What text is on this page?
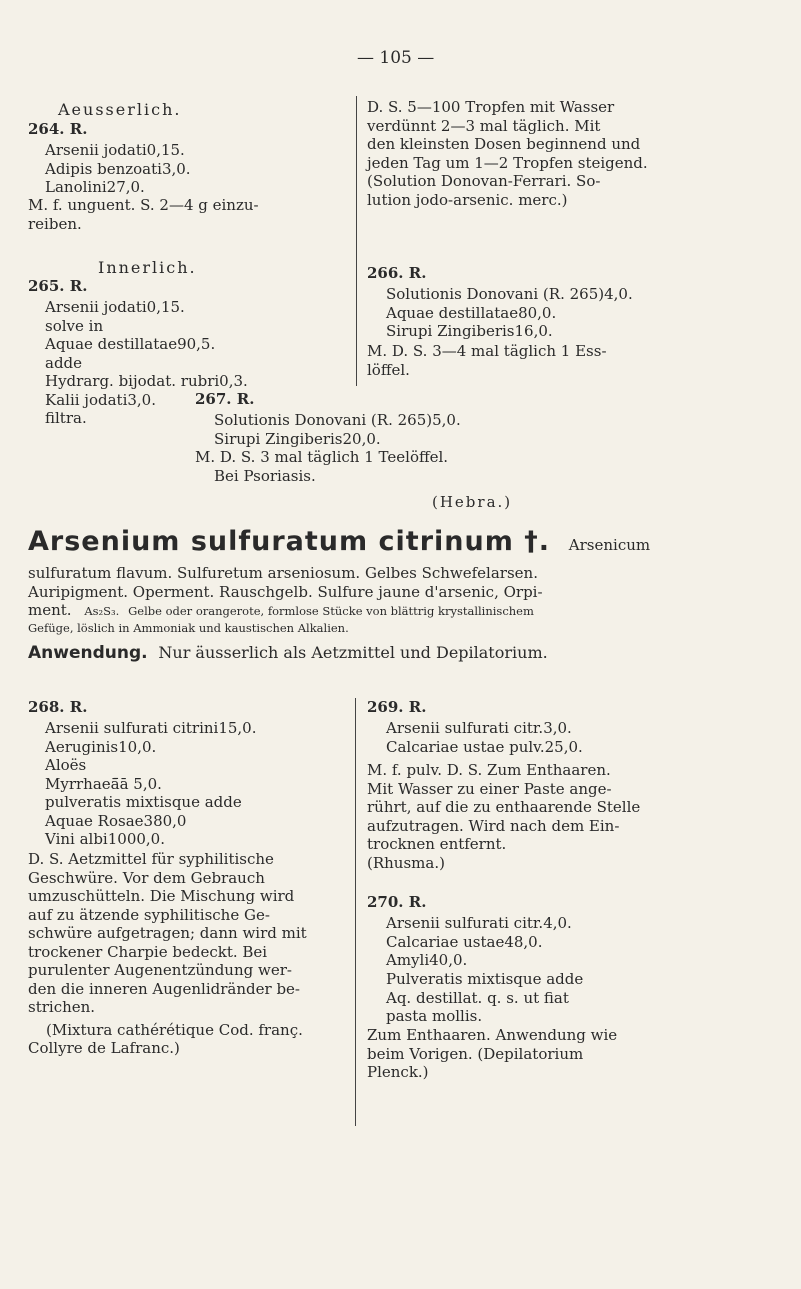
— 105 —
Aeusserlich.
264. R.
Arsenii jodati0,15.
Adipis benzoati3,0.
Lanolini27,0.
M. f. unguent. S. 2—4 g einzu-
reiben.
Innerlich.
265. R.
Arsenii jodati0,15.
solve in
Aquae destillatae90,5.
adde
Hydrarg. bijodat. rubri0,3.
Kalii jodati3,0.
filtra.
D. S. 5—100 Tropfen mit Wasser
verdünnt 2—3 mal täglich. Mit
den kleinsten Dosen beginnend und
jeden Tag um 1—2 Tropfen steigend.
(Solution Donovan-Ferrari. So-
lution jodo-arsenic. merc.)
266. R.
Solutionis Donovani (R. 265)4,0.
Aquae destillatae80,0.
Sirupi Zingiberis16,0.
M. D. S. 3—4 mal täglich 1 Ess-
löffel.
267. R.
Solutionis Donovani (R. 265)5,0.
Sirupi Zingiberis20,0.
M. D. S. 3 mal täglich 1 Teelöffel.
Bei Psoriasis.
(Hebra.)
Arsenium sulfuratum citrinum †. Arsenicum
sulfuratum flavum. Sulfuretum arseniosum. Gelbes Schwefelarsen.
Auripigment. Operment. Rauschgelb. Sulfure jaune d'arsenic, Orpi-
ment. As₂S₃. Gelbe oder orangerote, formlose Stücke von blättrig krystallinischem
Gefüge, löslich in Ammoniak und kaustischen Alkalien.
Anwendung. Nur äusserlich als Aetzmittel und Depilatorium.
268. R.
Arsenii sulfurati citrini15,0.
Aeruginis10,0.
Aloës
Myrrhaeā̄ā 5,0.
pulveratis mixtisque adde
Aquae Rosae380,0
Vini albi1000,0.
D. S. Aetzmittel für syphilitische
Geschwüre. Vor dem Gebrauch
umzuschütteln. Die Mischung wird
auf zu ätzende syphilitische Ge-
schwüre aufgetragen; dann wird mit
trockener Charpie bedeckt. Bei
purulenter Augenentzündung wer-
den die inneren Augenlidränder be-
strichen.
(Mixtura cathérétique Cod. franç.
Collyre de Lafranc.)
269. R.
Arsenii sulfurati citr.3,0.
Calcariae ustae pulv.25,0.
M. f. pulv. D. S. Zum Enthaaren.
Mit Wasser zu einer Paste ange-
rührt, auf die zu enthaarende Stelle
aufzutragen. Wird nach dem Ein-
trocknen entfernt.
(Rhusma.)
270. R.
Arsenii sulfurati citr.4,0.
Calcariae ustae48,0.
Amyli40,0.
Pulveratis mixtisque adde
Aq. destillat. q. s. ut fiat
pasta mollis.
Zum Enthaaren. Anwendung wie
beim Vorigen. (Depilatorium
Plenck.)
